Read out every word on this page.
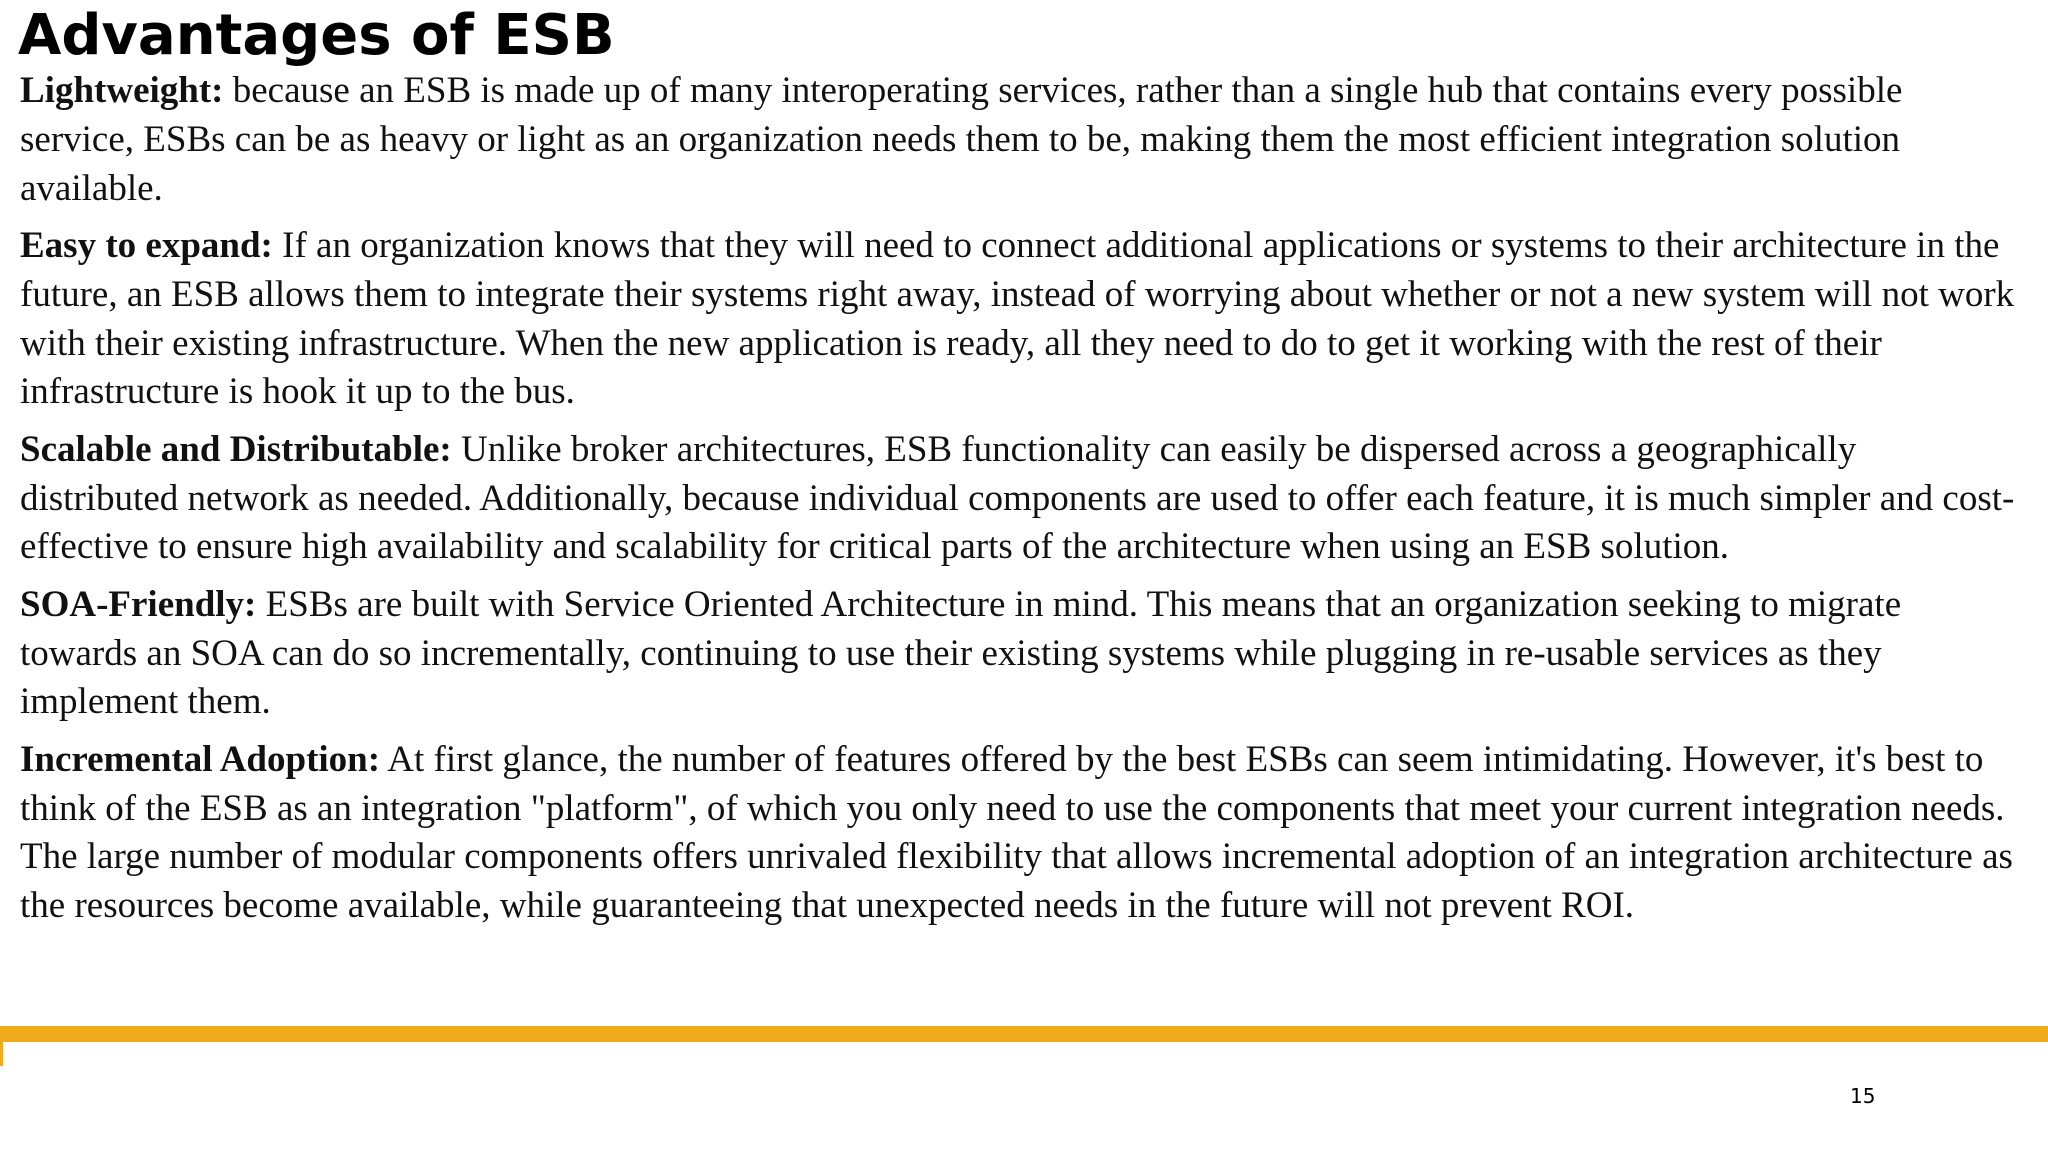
Advantages of ESB

Lightweight: because an ESB is made up of many interoperating services, rather than a single hub that contains every possible service, ESBs can be as heavy or light as an organization needs them to be, making them the most efficient integration solution available.

Easy to expand: If an organization knows that they will need to connect additional applications or systems to their architecture in the future, an ESB allows them to integrate their systems right away, instead of worrying about whether or not a new system will not work with their existing infrastructure. When the new application is ready, all they need to do to get it working with the rest of their infrastructure is hook it up to the bus.

Scalable and Distributable: Unlike broker architectures, ESB functionality can easily be dispersed across a geographically distributed network as needed. Additionally, because individual components are used to offer each feature, it is much simpler and cost-effective to ensure high availability and scalability for critical parts of the architecture when using an ESB solution.

SOA-Friendly: ESBs are built with Service Oriented Architecture in mind. This means that an organization seeking to migrate towards an SOA can do so incrementally, continuing to use their existing systems while plugging in re-usable services as they implement them.

Incremental Adoption: At first glance, the number of features offered by the best ESBs can seem intimidating. However, it's best to think of the ESB as an integration "platform", of which you only need to use the components that meet your current integration needs. The large number of modular components offers unrivaled flexibility that allows incremental adoption of an integration architecture as the resources become available, while guaranteeing that unexpected needs in the future will not prevent ROI.

15
